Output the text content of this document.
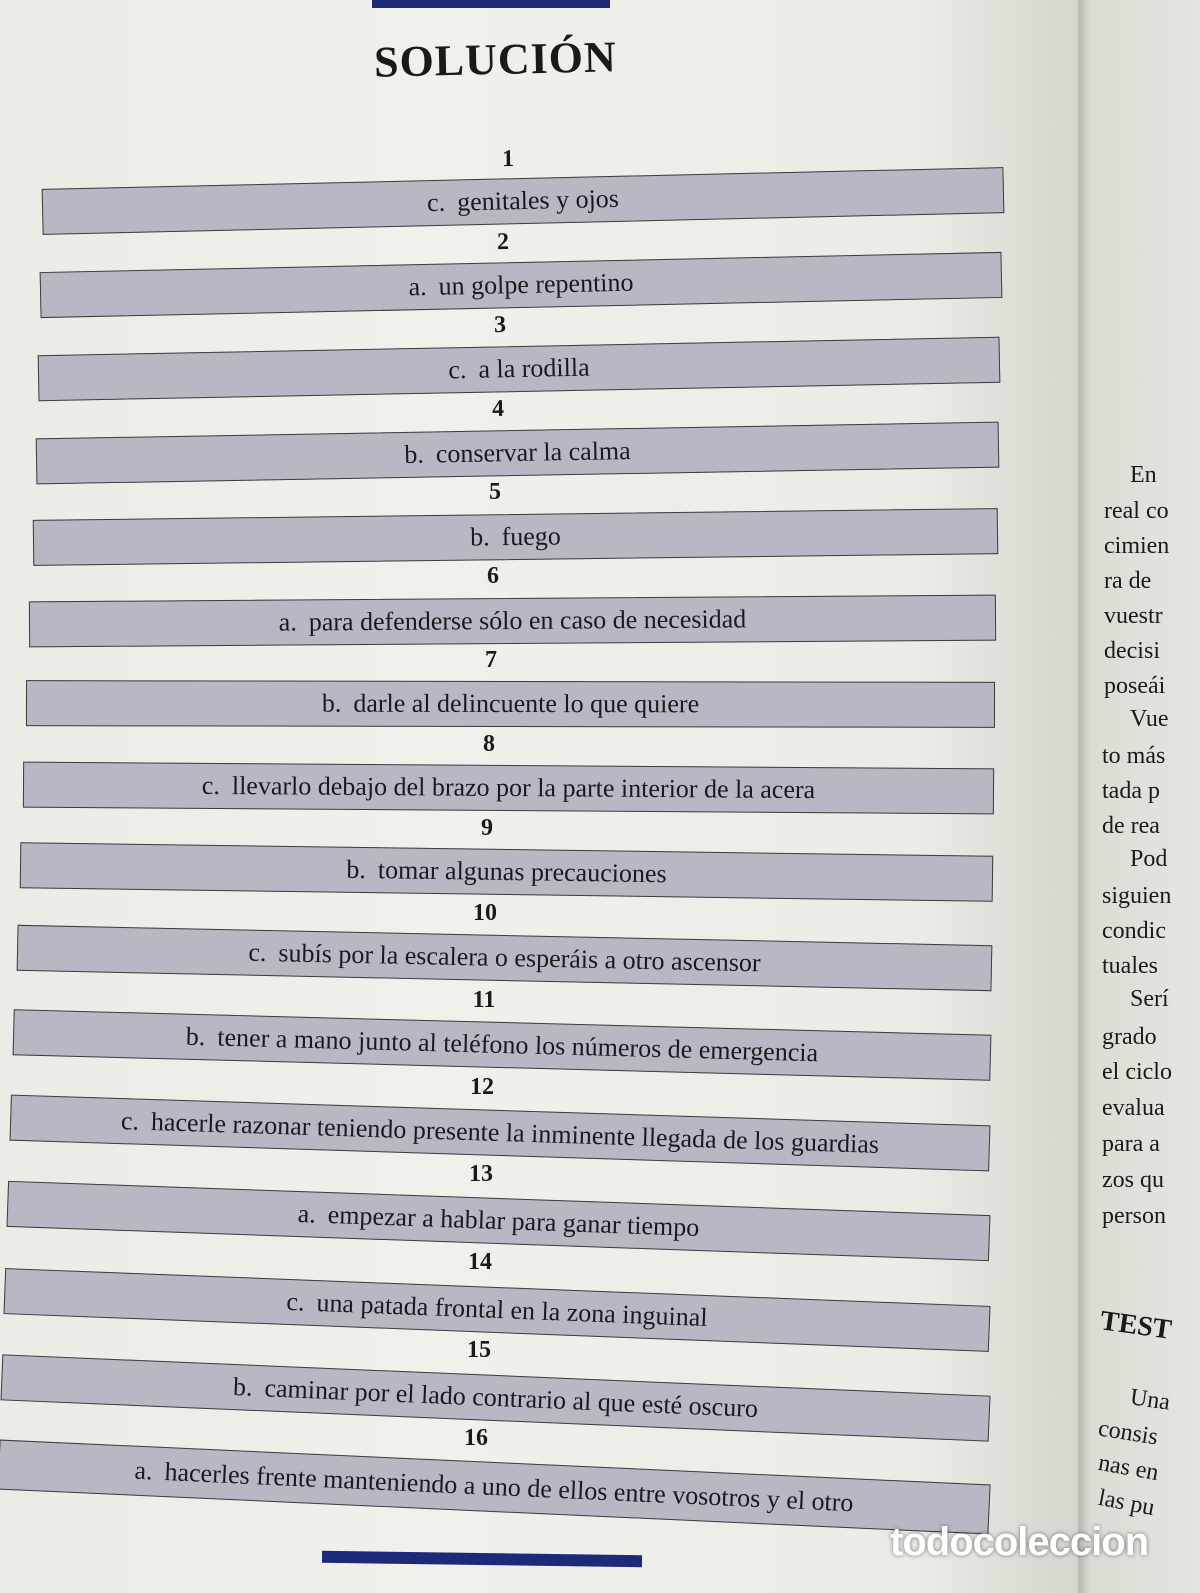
SOLUCIÓN
1
c. genitales y ojos
2
a. un golpe repentino
3
c. a la rodilla
4
b. conservar la calma
5
b. fuego
6
a. para defenderse sólo en caso de necesidad
7
b. darle al delincuente lo que quiere
8
c. llevarlo debajo del brazo por la parte interior de la acera
9
b. tomar algunas precauciones
10
c. subís por la escalera o esperáis a otro ascensor
11
b. tener a mano junto al teléfono los números de emergencia
12
c. hacerle razonar teniendo presente la inminente llegada de los guardias
13
a. empezar a hablar para ganar tiempo
14
c. una patada frontal en la zona inguinal
15
b. caminar por el lado contrario al que esté oscuro
16
a. hacerles frente manteniendo a uno de ellos entre vosotros y el otro
En
real co
cimien
ra de
vuestr
decisi
poseái
Vue
to más
tada p
de rea
Pod
siguien
condic
tuales
Serí
grado
el ciclo
evalua
para a
zos qu
person
TEST
Una
consis
nas en
las pu
todocoleccion
